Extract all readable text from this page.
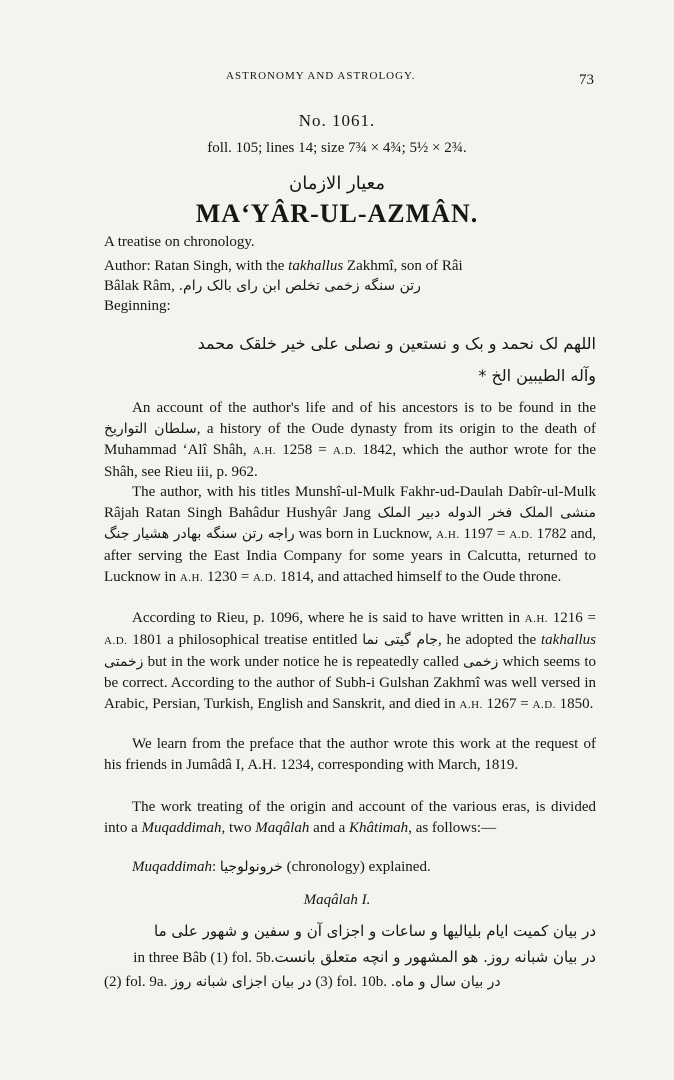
ASTRONOMY AND ASTROLOGY.	73
No. 1061.
foll. 105; lines 14; size 7¾ × 4¾; 5½ × 2¾.
معیار الازمان
MA‘YÂR-UL-AZMÂN.
A treatise on chronology.
Author: Ratan Singh, with the takhallus Zakhmî, son of Râi
Bâlak Râm, رتن سنگه زخمی تخلص ابن رای بالک رام.
Beginning:
اللهم لک نحمد و بک و نستعین و نصلی علی خیر خلقک محمد
وآله الطیبین الخ *
An account of the author's life and of his ancestors is to be found in the سلطان التواریخ, a history of the Oude dynasty from its origin to the death of Muhammad ‘Alî Shâh, A.H. 1258 = A.D. 1842, which the author wrote for the Shâh, see Rieu iii, p. 962.
The author, with his titles Munshî-ul-Mulk Fakhr-ud-Daulah Dabîr-ul-Mulk Râjah Ratan Singh Bahâdur Hushyâr Jang منشی الملک فخر الدوله دبیر الملک راجه رتن سنگه بهادر هشیار جنگ was born in Lucknow, A.H. 1197 = A.D. 1782 and, after serving the East India Company for some years in Calcutta, returned to Lucknow in A.H. 1230 = A.D. 1814, and attached himself to the Oude throne.
According to Rieu, p. 1096, where he is said to have written in A.H. 1216 = A.D. 1801 a philosophical treatise entitled جام گیتی نما, he adopted the takhallus زخمتی but in the work under notice he is repeatedly called زخمی which seems to be correct. According to the author of Subh-i Gulshan Zakhmî was well versed in Arabic, Persian, Turkish, English and Sanskrit, and died in A.H. 1267 = A.D. 1850.
We learn from the preface that the author wrote this work at the request of his friends in Jumâdâ I, A.H. 1234, corresponding with March, 1819.
The work treating of the origin and account of the various eras, is divided into a Muqaddimah, two Maqâlah and a Khâtimah, as follows:—
Muqaddimah: خرونولوجیا (chronology) explained.
Maqâlah I.
در بیان کمیت ایام بلیالیها و ساعات و اجزای آن و سفین و شهور علی ما
در بیان شبانه روز. هو المشهور و انچه متعلق بانست in three Bâb (1) fol. 5b.
(2) fol. 9a. در بیان اجزای شبانه روز (3) fol. 10b. در بیان سال و ماه.
